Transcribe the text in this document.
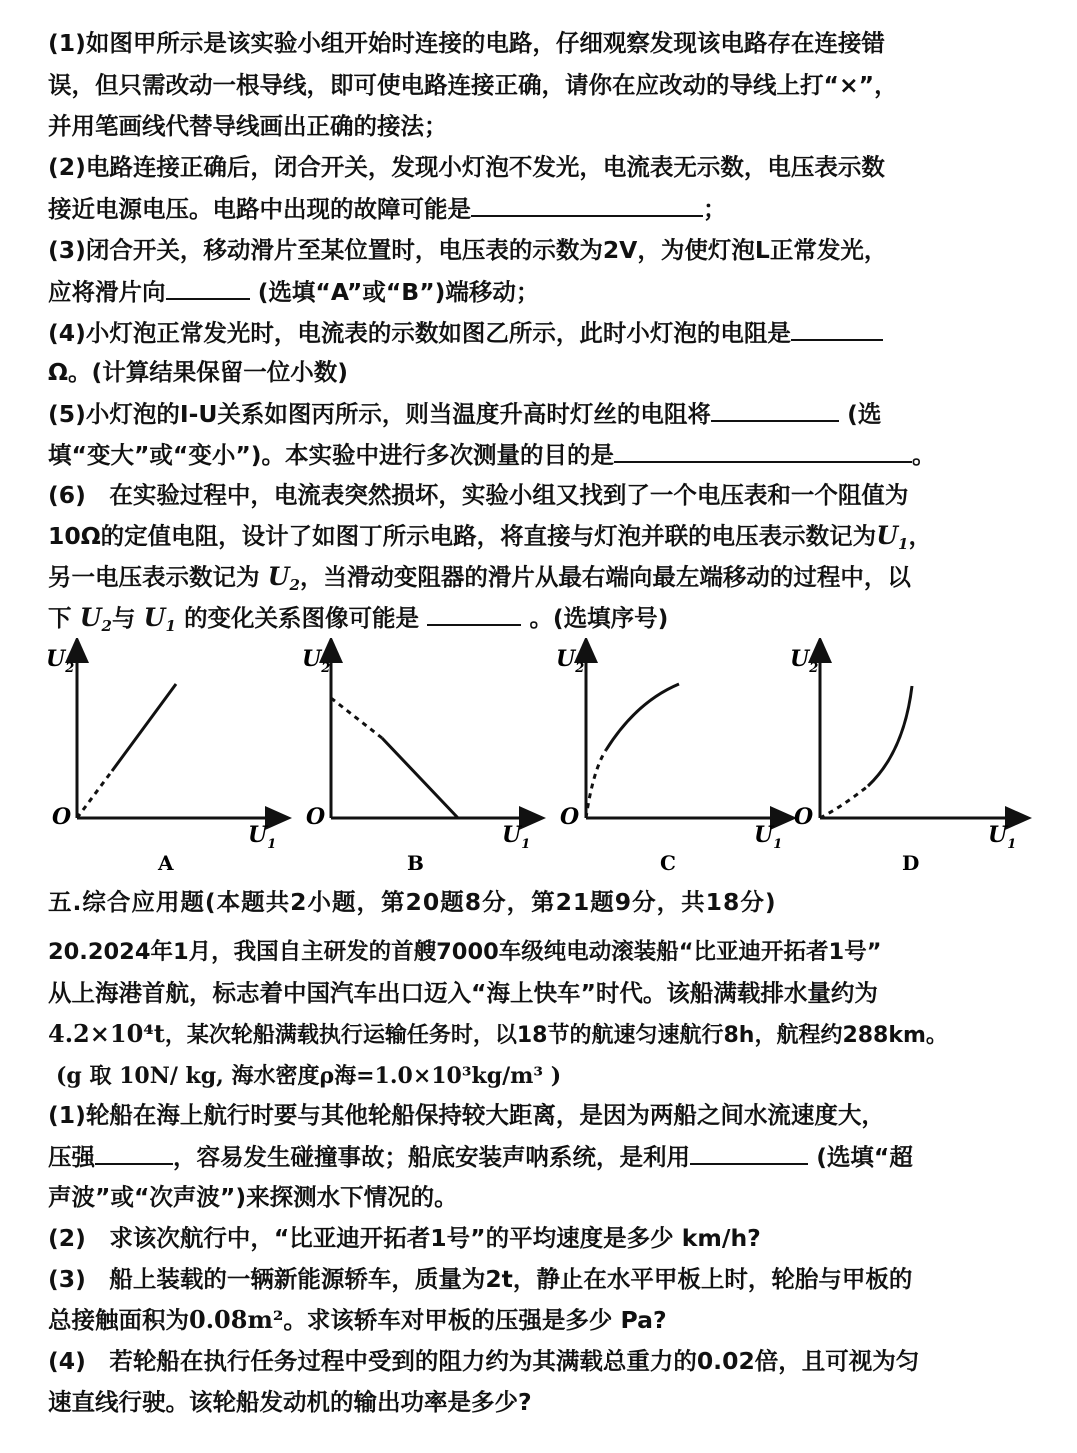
(1)如图甲所示是该实验小组开始时连接的电路，仔细观察发现该电路存在连接错
误，但只需改动一根导线，即可使电路连接正确，请你在应改动的导线上打“×”，
并用笔画线代替导线画出正确的接法；
(2)电路连接正确后，闭合开关，发现小灯泡不发光，电流表无示数，电压表示数
接近电源电压。电路中出现的故障可能是	；
(3)闭合开关，移动滑片至某位置时，电压表的示数为2V，为使灯泡L正常发光，
应将滑片向	(选填“A”或“B”)端移动；
(4)小灯泡正常发光时，电流表的示数如图乙所示，此时小灯泡的电阻是
Ω。(计算结果保留一位小数)
(5)小灯泡的I-U关系如图丙所示，则当温度升高时灯丝的电阻将	(选
填“变大”或“变小”)。本实验中进行多次测量的目的是	。
(6)　在实验过程中，电流表突然损坏，实验小组又找到了一个电压表和一个阻值为
10Ω的定值电阻，设计了如图丁所示电路，将直接与灯泡并联的电压表示数记为$U_1$，
另一电压表示数记为 $U_2$，当滑动变阻器的滑片从最右端向最左端移动的过程中，以
下 $U_2$与 $U_1$ 的变化关系图像可能是	。(选填序号)
$U_2$
O
$U_1$
A
$U_2$
O
$U_1$
B
$U_2$
O
$U_1$
C
$U_2$
O
$U_1$
D
五.综合应用题(本题共2小题，第20题8分，第21题9分，共18分)
20.2024年1月，我国自主研发的首艘7000车级纯电动滚装船“比亚迪开拓者1号”
从上海港首航，标志着中国汽车出口迈入“海上快车”时代。该船满载排水量约为
4.2×10⁴t，某次轮船满载执行运输任务时，以18节的航速匀速航行8h，航程约288km。
(g 取 10N/ kg, 海水密度ρ海=1.0×10³kg/m³ )
(1)轮船在海上航行时要与其他轮船保持较大距离，是因为两船之间水流速度大，
压强	，容易发生碰撞事故；船底安装声呐系统，是利用	(选填“超
声波”或“次声波”)来探测水下情况的。
(2)　求该次航行中，“比亚迪开拓者1号”的平均速度是多少 km/h?
(3)　船上装载的一辆新能源轿车，质量为2t，静止在水平甲板上时，轮胎与甲板的
总接触面积为0.08m²。求该轿车对甲板的压强是多少 Pa?
(4)　若轮船在执行任务过程中受到的阻力约为其满载总重力的0.02倍，且可视为匀
速直线行驶。该轮船发动机的输出功率是多少?
